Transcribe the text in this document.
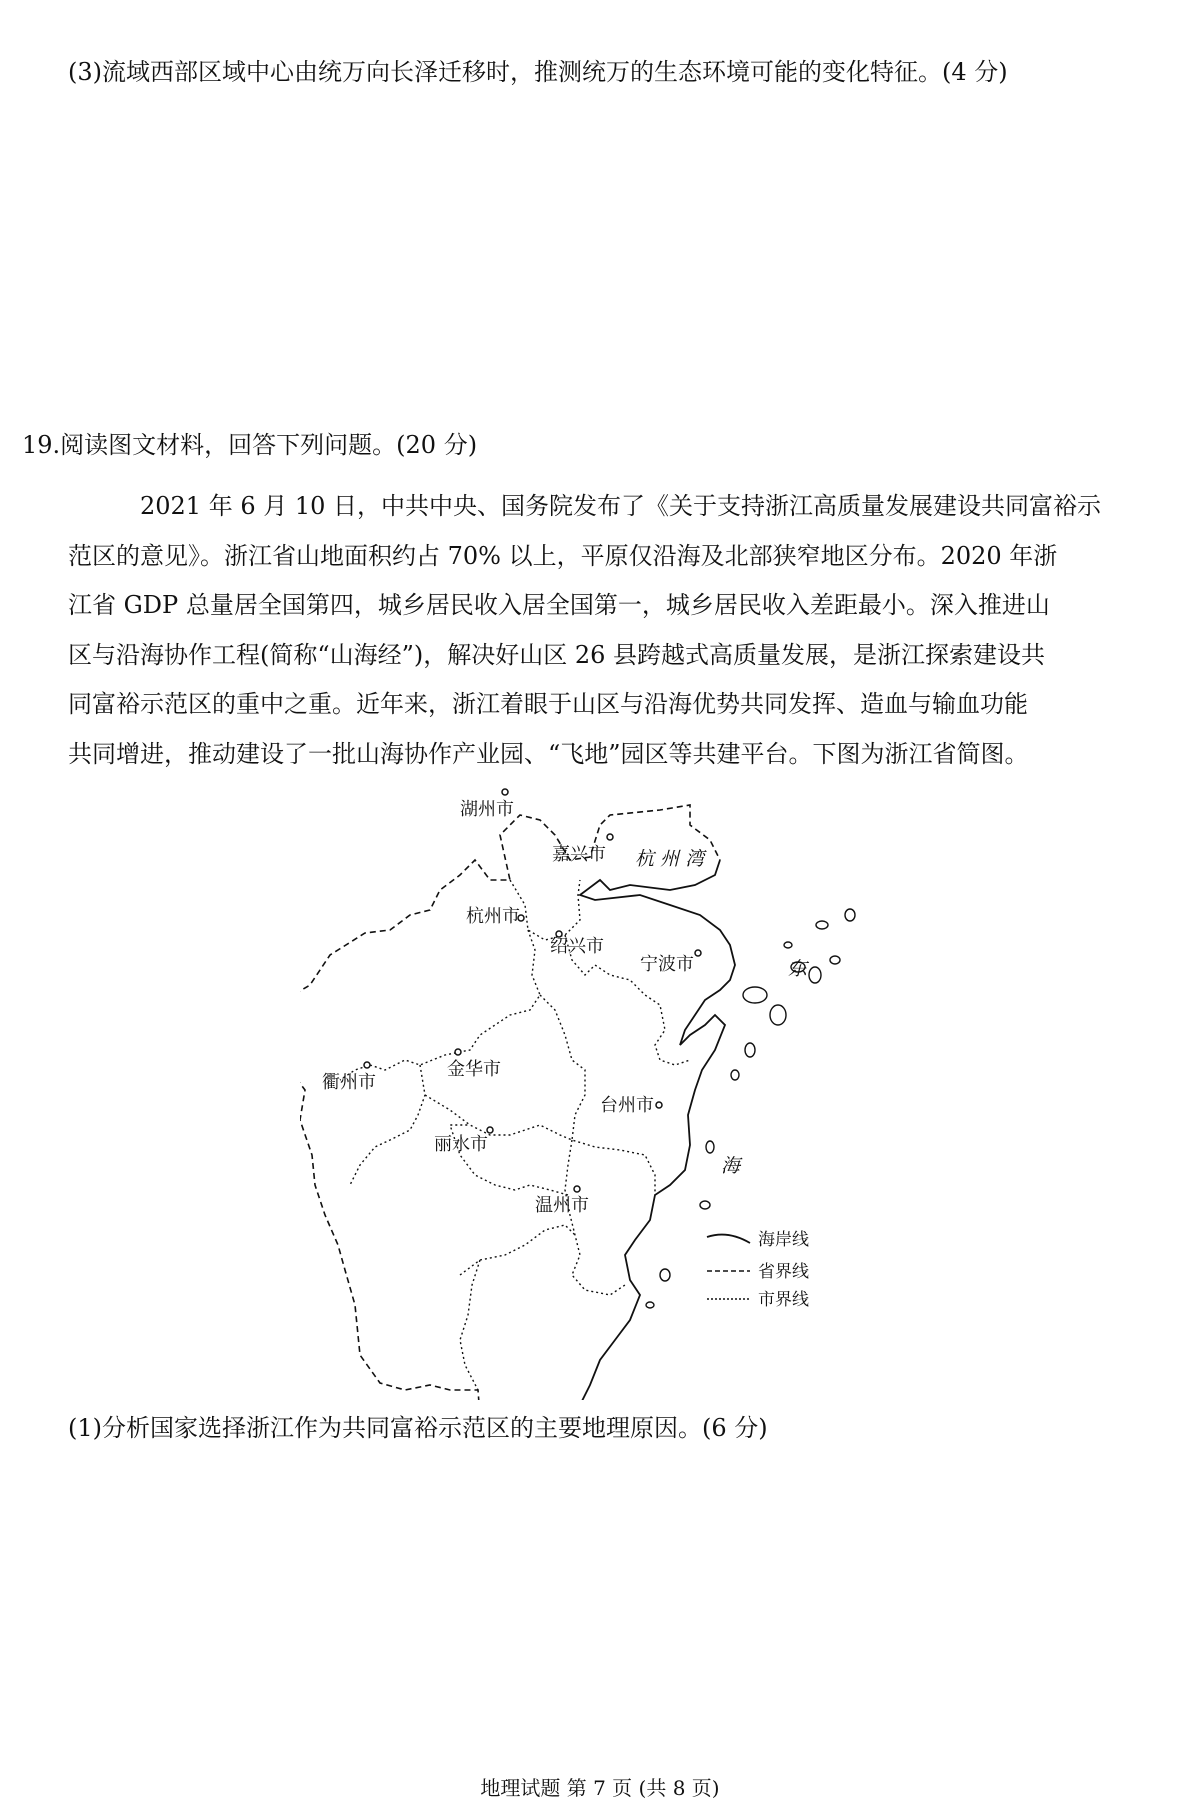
(3)流域西部区域中心由统万向长泽迁移时，推测统万的生态环境可能的变化特征。(4 分)
19.阅读图文材料，回答下列问题。(20 分)
2021 年 6 月 10 日，中共中央、国务院发布了《关于支持浙江高质量发展建设共同富裕示
范区的意见》。浙江省山地面积约占 70% 以上，平原仅沿海及北部狭窄地区分布。2020 年浙
江省 GDP 总量居全国第四，城乡居民收入居全国第一，城乡居民收入差距最小。深入推进山
区与沿海协作工程(简称“山海经”)，解决好山区 26 县跨越式高质量发展，是浙江探索建设共
同富裕示范区的重中之重。近年来，浙江着眼于山区与沿海优势共同发挥、造血与输血功能
共同增进，推动建设了一批山海协作产业园、“飞地”园区等共建平台。下图为浙江省简图。
湖州市
嘉兴市
杭州市
绍兴市
宁波市
衢州市
金华市
台州市
丽水市
温州市
杭 州 湾
东
海
海岸线
省界线
市界线
(1)分析国家选择浙江作为共同富裕示范区的主要地理原因。(6 分)
地理试题 第 7 页 (共 8 页)
